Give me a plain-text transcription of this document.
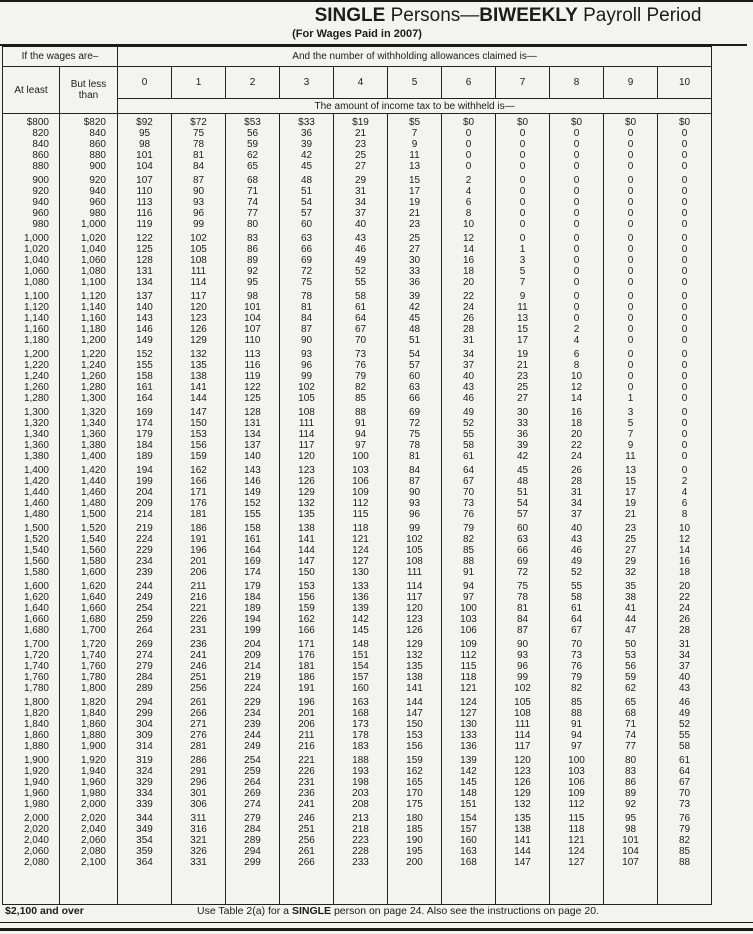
SINGLE Persons—BIWEEKLY Payroll Period
(For Wages Paid in 2007)
If the wages are–		And the number of withholding allowances claimed is—										
At least	But less than	0	1	2	3	4	5	6	7	8	9	10
		The amount of income tax to be withheld is—										
$800	$820	$92	$72	$53	$33	$19	$5	$0	$0	$0	$0	$0
820	840	95	75	56	36	21	7	0	0	0	0	0
840	860	98	78	59	39	23	9	0	0	0	0	0
860	880	101	81	62	42	25	11	0	0	0	0	0
880	900	104	84	65	45	27	13	0	0	0	0	0
900	920	107	87	68	48	29	15	2	0	0	0	0
920	940	110	90	71	51	31	17	4	0	0	0	0
940	960	113	93	74	54	34	19	6	0	0	0	0
960	980	116	96	77	57	37	21	8	0	0	0	0
980	1,000	119	99	80	60	40	23	10	0	0	0	0
1,000	1,020	122	102	83	63	43	25	12	0	0	0	0
1,020	1,040	125	105	86	66	46	27	14	1	0	0	0
1,040	1,060	128	108	89	69	49	30	16	3	0	0	0
1,060	1,080	131	111	92	72	52	33	18	5	0	0	0
1,080	1,100	134	114	95	75	55	36	20	7	0	0	0
1,100	1,120	137	117	98	78	58	39	22	9	0	0	0
1,120	1,140	140	120	101	81	61	42	24	11	0	0	0
1,140	1,160	143	123	104	84	64	45	26	13	0	0	0
1,160	1,180	146	126	107	87	67	48	28	15	2	0	0
1,180	1,200	149	129	110	90	70	51	31	17	4	0	0
1,200	1,220	152	132	113	93	73	54	34	19	6	0	0
1,220	1,240	155	135	116	96	76	57	37	21	8	0	0
1,240	1,260	158	138	119	99	79	60	40	23	10	0	0
1,260	1,280	161	141	122	102	82	63	43	25	12	0	0
1,280	1,300	164	144	125	105	85	66	46	27	14	1	0
1,300	1,320	169	147	128	108	88	69	49	30	16	3	0
1,320	1,340	174	150	131	111	91	72	52	33	18	5	0
1,340	1,360	179	153	134	114	94	75	55	36	20	7	0
1,360	1,380	184	156	137	117	97	78	58	39	22	9	0
1,380	1,400	189	159	140	120	100	81	61	42	24	11	0
1,400	1,420	194	162	143	123	103	84	64	45	26	13	0
1,420	1,440	199	166	146	126	106	87	67	48	28	15	2
1,440	1,460	204	171	149	129	109	90	70	51	31	17	4
1,460	1,480	209	176	152	132	112	93	73	54	34	19	6
1,480	1,500	214	181	155	135	115	96	76	57	37	21	8
1,500	1,520	219	186	158	138	118	99	79	60	40	23	10
1,520	1,540	224	191	161	141	121	102	82	63	43	25	12
1,540	1,560	229	196	164	144	124	105	85	66	46	27	14
1,560	1,580	234	201	169	147	127	108	88	69	49	29	16
1,580	1,600	239	206	174	150	130	111	91	72	52	32	18
1,600	1,620	244	211	179	153	133	114	94	75	55	35	20
1,620	1,640	249	216	184	156	136	117	97	78	58	38	22
1,640	1,660	254	221	189	159	139	120	100	81	61	41	24
1,660	1,680	259	226	194	162	142	123	103	84	64	44	26
1,680	1,700	264	231	199	166	145	126	106	87	67	47	28
1,700	1,720	269	236	204	171	148	129	109	90	70	50	31
1,720	1,740	274	241	209	176	151	132	112	93	73	53	34
1,740	1,760	279	246	214	181	154	135	115	96	76	56	37
1,760	1,780	284	251	219	186	157	138	118	99	79	59	40
1,780	1,800	289	256	224	191	160	141	121	102	82	62	43
1,800	1,820	294	261	229	196	163	144	124	105	85	65	46
1,820	1,840	299	266	234	201	168	147	127	108	88	68	49
1,840	1,860	304	271	239	206	173	150	130	111	91	71	52
1,860	1,880	309	276	244	211	178	153	133	114	94	74	55
1,880	1,900	314	281	249	216	183	156	136	117	97	77	58
1,900	1,920	319	286	254	221	188	159	139	120	100	80	61
1,920	1,940	324	291	259	226	193	162	142	123	103	83	64
1,940	1,960	329	296	264	231	198	165	145	126	106	86	67
1,960	1,980	334	301	269	236	203	170	148	129	109	89	70
1,980	2,000	339	306	274	241	208	175	151	132	112	92	73
2,000	2,020	344	311	279	246	213	180	154	135	115	95	76
2,020	2,040	349	316	284	251	218	185	157	138	118	98	79
2,040	2,060	354	321	289	256	223	190	160	141	121	101	82
2,060	2,080	359	326	294	261	228	195	163	144	124	104	85
2,080	2,100	364	331	299	266	233	200	168	147	127	107	88

$2,100 and over	Use Table 2(a) for a SINGLE person on page 24. Also see the instructions on page 20.
